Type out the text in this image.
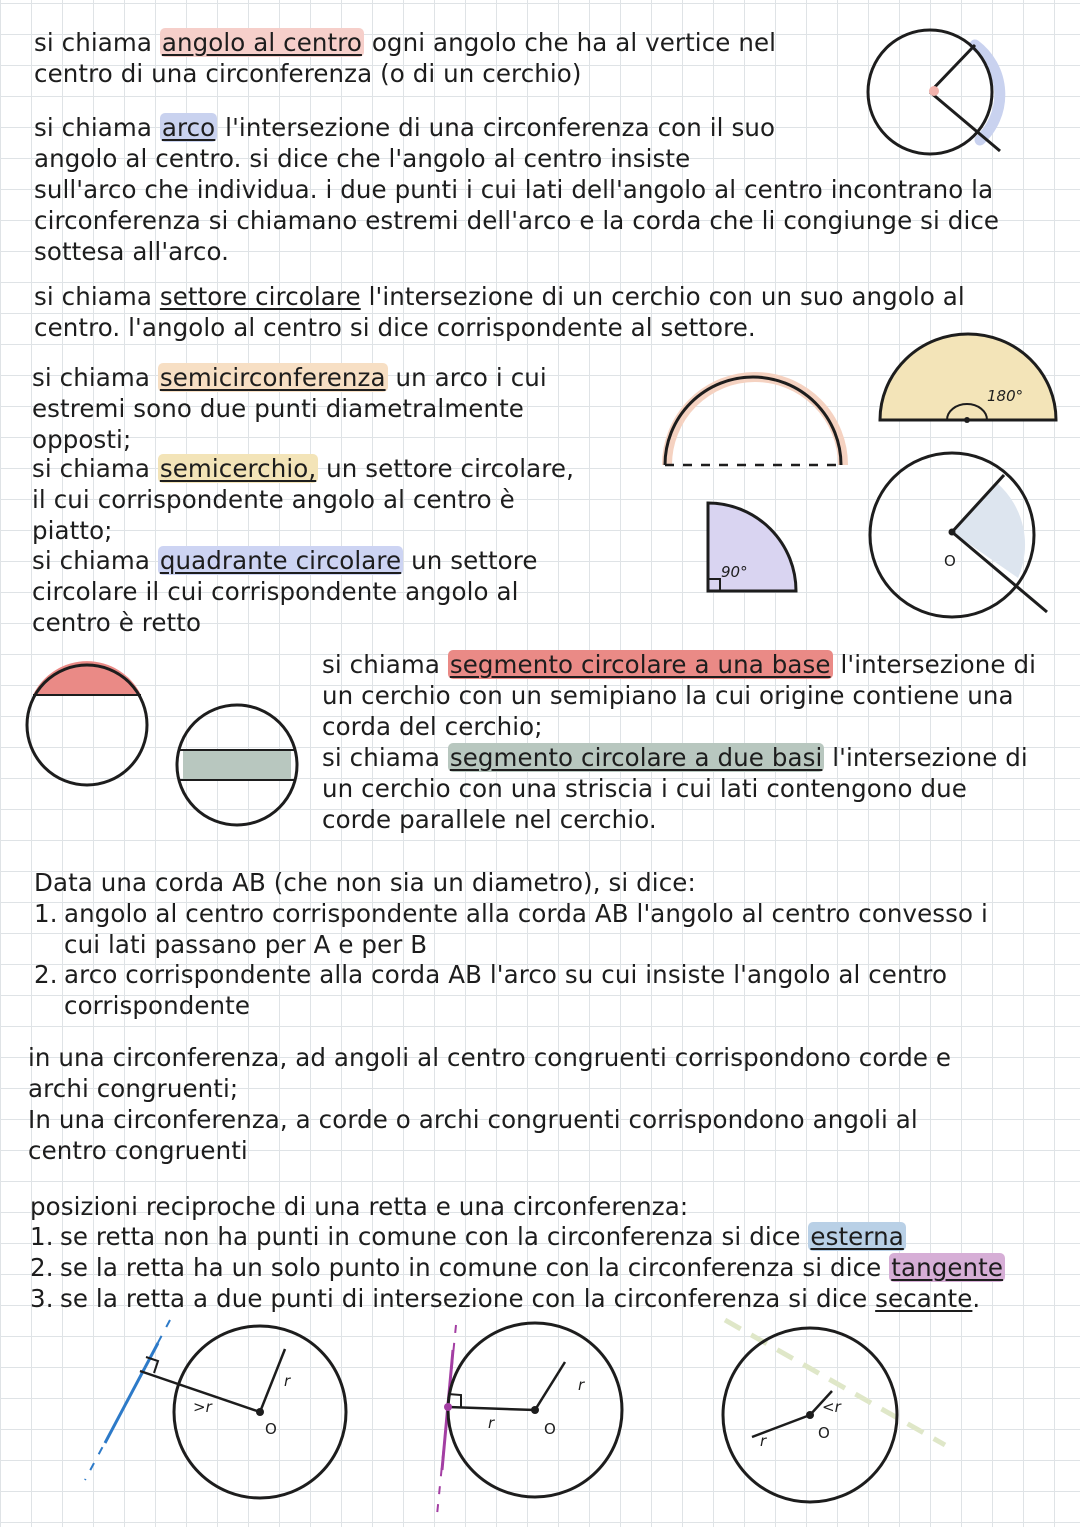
si chiama angolo al centro ogni angolo che ha al vertice nel
centro di una circonferenza (o di un cerchio)
si chiama arco l'intersezione di una circonferenza con il suo
angolo al centro. si dice che l'angolo al centro insiste
sull'arco che individua. i due punti i cui lati dell'angolo al centro incontrano la
circonferenza si chiamano estremi dell'arco e la corda che li congiunge si dice
sottesa all'arco.
si chiama settore circolare l'intersezione di un cerchio con un suo angolo al
centro. l'angolo al centro si dice corrispondente al settore.
si chiama semicirconferenza un arco i cui
estremi sono due punti diametralmente
opposti;
si chiama semicerchio, un settore circolare,
il cui corrispondente angolo al centro è
piatto;
si chiama quadrante circolare un settore
circolare il cui corrispondente angolo al
centro è retto
180°
90°
O
si chiama segmento circolare a una base l'intersezione di
un cerchio con un semipiano la cui origine contiene una
corda del cerchio;
si chiama segmento circolare a due basi l'intersezione di
un cerchio con una striscia i cui lati contengono due
corde parallele nel cerchio.
Data una corda AB (che non sia un diametro), si dice:
1. angolo al centro corrispondente alla corda AB l'angolo al centro convesso i
cui lati passano per A e per B
2. arco corrispondente alla corda AB l'arco su cui insiste l'angolo al centro
corrispondente
in una circonferenza, ad angoli al centro congruenti corrispondono corde e
archi congruenti;
In una circonferenza, a corde o archi congruenti corrispondono angoli al
centro congruenti
posizioni reciproche di una retta e una circonferenza:
1. se retta non ha punti in comune con la circonferenza si dice esterna
2. se la retta ha un solo punto in comune con la circonferenza si dice tangente
3. se la retta a due punti di intersezione con la circonferenza si dice secante.
>r
r
O	r
r
O
r
<r
O
